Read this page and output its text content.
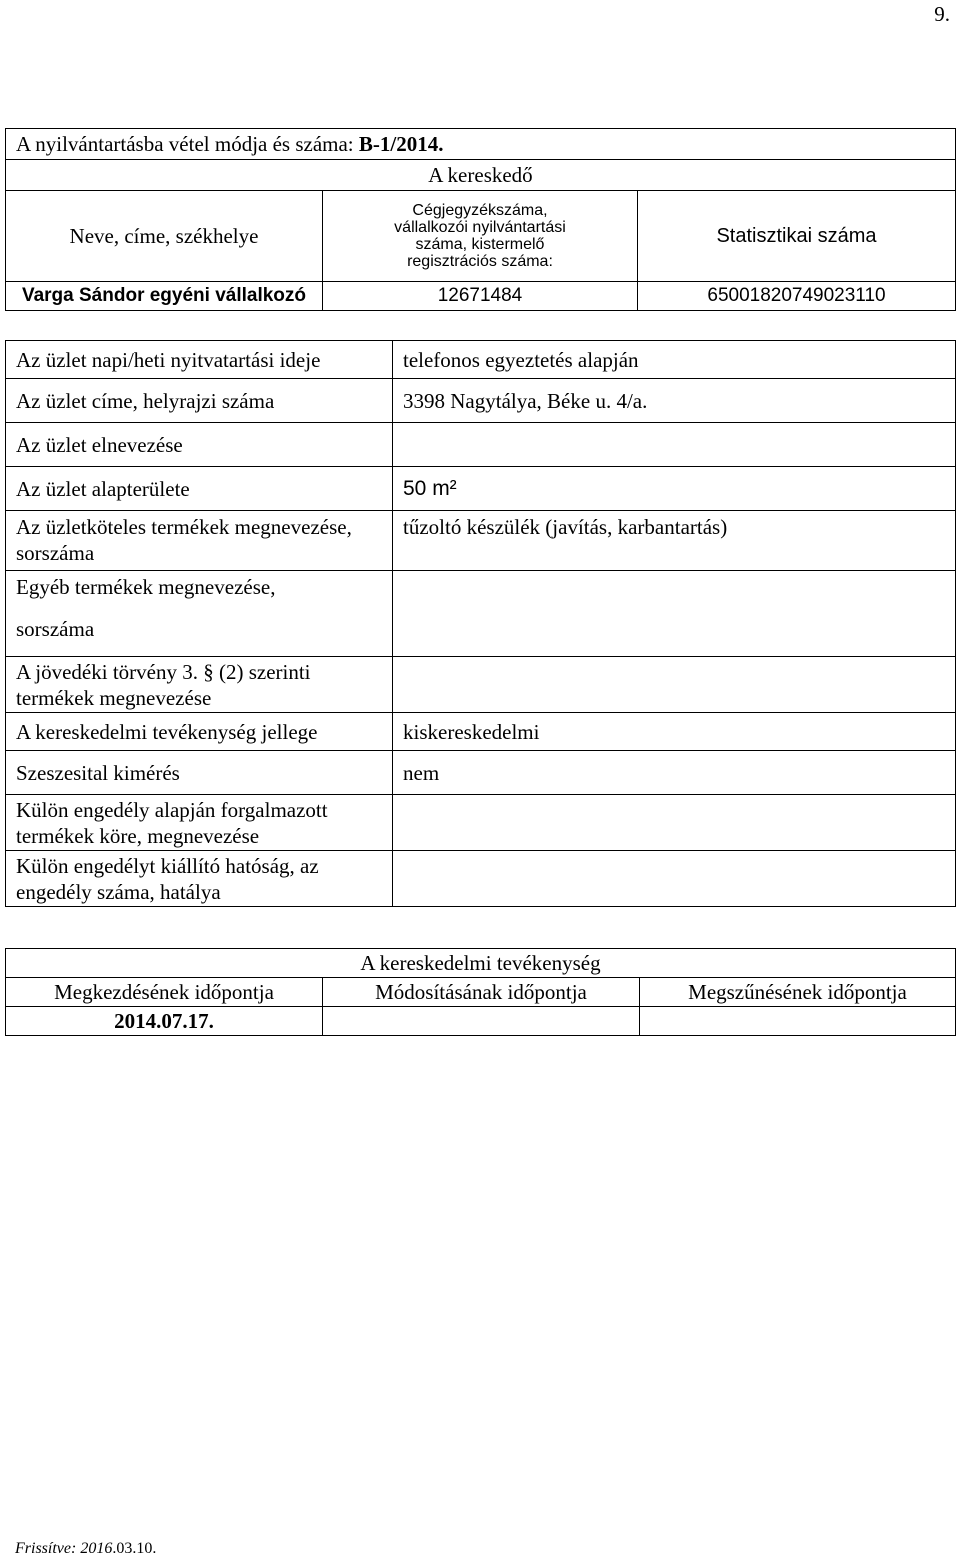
9.
A nyilvántartásba vétel módja és száma: B-1/2014.		
A kereskedő		
Neve, címe, székhelye	Cégjegyzékszáma,
vállalkozói nyilvántartási
száma, kistermelő
regisztrációs száma:	Statisztikai száma
Varga Sándor egyéni vállalkozó	12671484	65001820749023110
Az üzlet napi/heti nyitvatartási ideje	telefonos egyeztetés alapján
Az üzlet címe, helyrajzi száma	3398 Nagytálya, Béke u. 4/a.
Az üzlet elnevezése	
Az üzlet alapterülete	50 m²
Az üzletköteles termékek megnevezése, sorszáma	tűzoltó készülék (javítás, karbantartás)

Egyéb termékek megnevezése,
sorszáma	

A jövedéki törvény 3. § (2) szerinti termékek megnevezése	
A kereskedelmi tevékenység jellege	kiskereskedelmi
Szeszesital kimérés	nem
Külön engedély alapján forgalmazott termékek köre, megnevezése	
Külön engedélyt kiállító hatóság, az engedély száma, hatálya	
A kereskedelmi tevékenység		
Megkezdésének időpontja	Módosításának időpontja	Megszűnésének időpontja
2014.07.17.		
Frissítve: 2016.03.10.
